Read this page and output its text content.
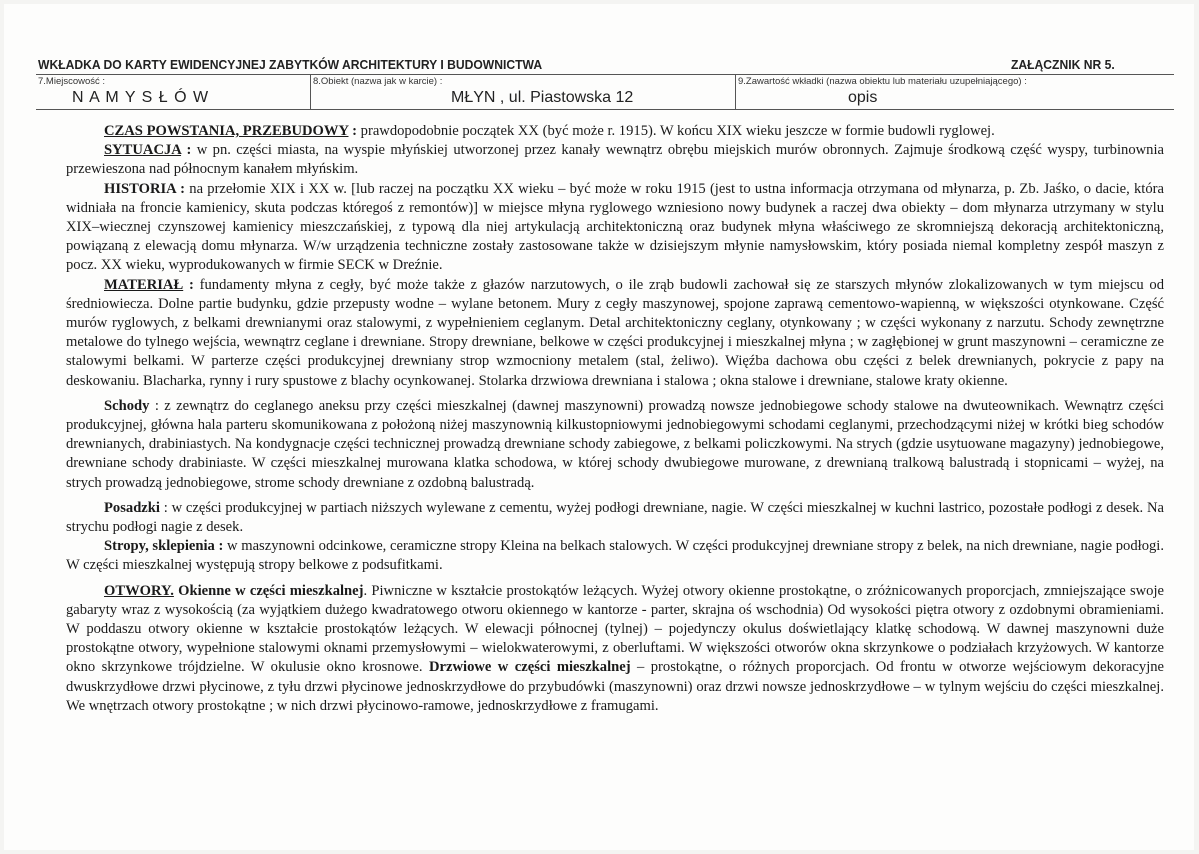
WKŁADKA DO KARTY EWIDENCYJNEJ ZABYTKÓW ARCHITEKTURY I BUDOWNICTWA	ZAŁĄCZNIK NR 5.
7.Miejscowość :
N A M Y S Ł Ó W
8.Obiekt (nazwa jak w karcie) :
MŁYN , ul. Piastowska 12
9.Zawartość wkładki (nazwa obiektu lub materiału uzupełniającego) :
opis

CZAS POWSTANIA, PRZEBUDOWY : prawdopodobnie początek XX (być może r. 1915). W końcu XIX wieku jeszcze w formie budowli ryglowej.

SYTUACJA : w pn. części miasta, na wyspie młyńskiej utworzonej przez kanały wewnątrz obrębu miejskich murów obronnych. Zajmuje środkową część wyspy, turbinownia przewieszona nad północnym kanałem młyńskim.

HISTORIA : na przełomie XIX i XX w. [lub raczej na początku XX wieku – być może w roku 1915 (jest to ustna informacja otrzymana od młynarza, p. Zb. Jaśko, o dacie, która widniała na froncie kamienicy, skuta podczas któregoś z remontów)] w miejsce młyna ryglowego wzniesiono nowy budynek a raczej dwa obiekty – dom młynarza utrzymany w stylu XIX–wiecznej czynszowej kamienicy mieszczańskiej, z typową dla niej artykulacją architektoniczną oraz budynek młyna właściwego ze skromniejszą dekoracją architektoniczną, powiązaną z elewacją domu młynarza. W/w urządzenia techniczne zostały zastosowane także w dzisiejszym młynie namysłowskim, który posiada niemal kompletny zespół maszyn z pocz. XX wieku, wyprodukowanych w firmie SECK w Dreźnie.

MATERIAŁ : fundamenty młyna z cegły, być może także z głazów narzutowych, o ile zrąb budowli zachował się ze starszych młynów zlokalizowanych w tym miejscu od średniowiecza. Dolne partie budynku, gdzie przepusty wodne – wylane betonem. Mury z cegły maszynowej, spojone zaprawą cementowo-wapienną, w większości otynkowane. Część murów ryglowych, z belkami drewnianymi oraz stalowymi, z wypełnieniem ceglanym. Detal architektoniczny ceglany, otynkowany ; w części wykonany z narzutu. Schody zewnętrzne metalowe do tylnego wejścia, wewnątrz ceglane i drewniane. Stropy drewniane, belkowe w części produkcyjnej i mieszkalnej młyna ; w zagłębionej w grunt maszynowni – ceramiczne ze stalowymi belkami. W parterze części produkcyjnej drewniany strop wzmocniony metalem (stal, żeliwo). Więźba dachowa obu części z belek drewnianych, pokrycie z papy na deskowaniu. Blacharka, rynny i rury spustowe z blachy ocynkowanej. Stolarka drzwiowa drewniana i stalowa ; okna stalowe i drewniane, stalowe kraty okienne.

Schody : z zewnątrz do ceglanego aneksu przy części mieszkalnej (dawnej maszynowni) prowadzą nowsze jednobiegowe schody stalowe na dwuteownikach. Wewnątrz części produkcyjnej, główna hala parteru skomunikowana z położoną niżej maszynownią kilkustopniowymi jednobiegowymi schodami ceglanymi, przechodzącymi niżej w krótki bieg schodów drewnianych, drabiniastych. Na kondygnacje części technicznej prowadzą drewniane schody zabiegowe, z belkami policzkowymi. Na strych (gdzie usytuowane magazyny) jednobiegowe, drewniane schody drabiniaste. W części mieszkalnej murowana klatka schodowa, w której schody dwubiegowe murowane, z drewnianą tralkową balustradą i stopnicami – wyżej, na strych prowadzą jednobiegowe, strome schody drewniane z ozdobną balustradą.

Posadzki : w części produkcyjnej w partiach niższych wylewane z cementu, wyżej podłogi drewniane, nagie. W części mieszkalnej w kuchni lastrico, pozostałe podłogi z desek. Na strychu podłogi nagie z desek.

Stropy, sklepienia : w maszynowni odcinkowe, ceramiczne stropy Kleina na belkach stalowych. W części produkcyjnej drewniane stropy z belek, na nich drewniane, nagie podłogi. W części mieszkalnej występują stropy belkowe z podsufitkami.

OTWORY. Okienne w części mieszkalnej. Piwniczne w kształcie prostokątów leżących. Wyżej otwory okienne prostokątne, o zróżnicowanych proporcjach, zmniejszające swoje gabaryty wraz z wysokością (za wyjątkiem dużego kwadratowego otworu okiennego w kantorze - parter, skrajna oś wschodnia) Od wysokości piętra otwory z ozdobnymi obramieniami. W poddaszu otwory okienne w kształcie prostokątów leżących. W elewacji północnej (tylnej) – pojedynczy okulus doświetlający klatkę schodową. W dawnej maszynowni duże prostokątne otwory, wypełnione stalowymi oknami przemysłowymi – wielokwaterowymi, z oberluftami. W większości otworów okna skrzynkowe o podziałach krzyżowych. W kantorze okno skrzynkowe trójdzielne. W okulusie okno krosnowe. Drzwiowe w części mieszkalnej – prostokątne, o różnych proporcjach. Od frontu w otworze wejściowym dekoracyjne dwuskrzydłowe drzwi płycinowe, z tyłu drzwi płycinowe jednoskrzydłowe do przybudówki (maszynowni) oraz drzwi nowsze jednoskrzydłowe – w tylnym wejściu do części mieszkalnej. We wnętrzach otwory prostokątne ; w nich drzwi płycinowo-ramowe, jednoskrzydłowe z framugami.
